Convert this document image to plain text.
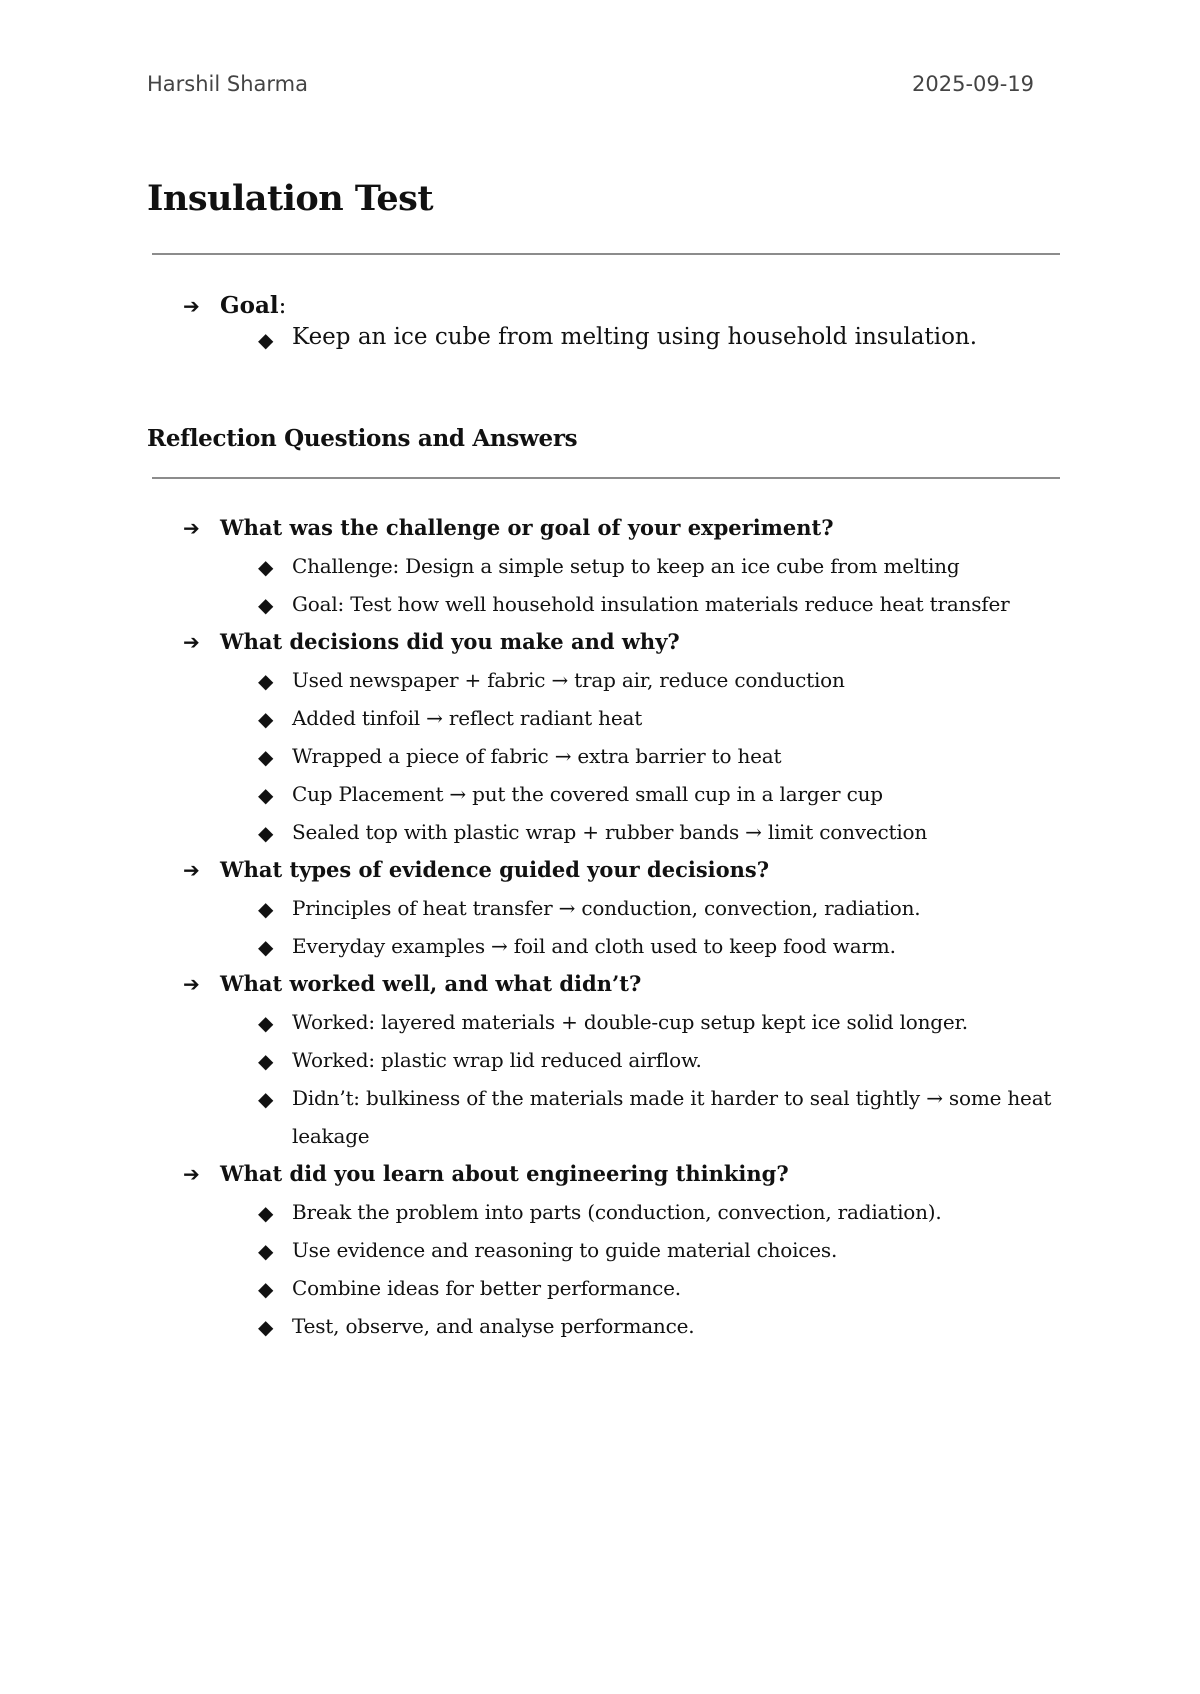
Harshil Sharma	2025-09-19
Insulation Test
➔ Goal:
◆ Keep an ice cube from melting using household insulation.
Reflection Questions and Answers
➔ What was the challenge or goal of your experiment?
◆ Challenge: Design a simple setup to keep an ice cube from melting
◆ Goal: Test how well household insulation materials reduce heat transfer
➔ What decisions did you make and why?
◆ Used newspaper + fabric → trap air, reduce conduction
◆ Added tinfoil → reflect radiant heat
◆ Wrapped a piece of fabric → extra barrier to heat
◆ Cup Placement → put the covered small cup in a larger cup
◆ Sealed top with plastic wrap + rubber bands → limit convection
➔ What types of evidence guided your decisions?
◆ Principles of heat transfer → conduction, convection, radiation.
◆ Everyday examples → foil and cloth used to keep food warm.
➔ What worked well, and what didn’t?
◆ Worked: layered materials + double-cup setup kept ice solid longer.
◆ Worked: plastic wrap lid reduced airflow.
◆ Didn’t: bulkiness of the materials made it harder to seal tightly → some heat leakage
➔ What did you learn about engineering thinking?
◆ Break the problem into parts (conduction, convection, radiation).
◆ Use evidence and reasoning to guide material choices.
◆ Combine ideas for better performance.
◆ Test, observe, and analyse performance.
